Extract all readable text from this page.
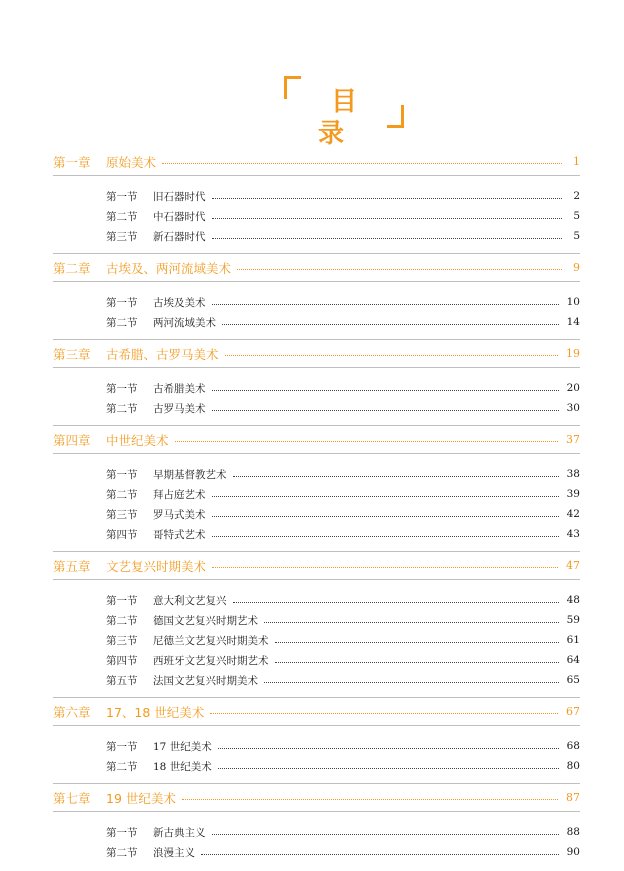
目录
第一章	原始美术	1
第一节	旧石器时代	2
第二节	中石器时代	5
第三节	新石器时代	5
第二章	古埃及、两河流域美术	9
第一节	古埃及美术	10
第二节	两河流域美术	14
第三章	古希腊、古罗马美术	19
第一节	古希腊美术	20
第二节	古罗马美术	30
第四章	中世纪美术	37
第一节	早期基督教艺术	38
第二节	拜占庭艺术	39
第三节	罗马式美术	42
第四节	哥特式艺术	43
第五章	文艺复兴时期美术	47
第一节	意大利文艺复兴	48
第二节	德国文艺复兴时期艺术	59
第三节	尼德兰文艺复兴时期美术	61
第四节	西班牙文艺复兴时期艺术	64
第五节	法国文艺复兴时期美术	65
第六章	17、18 世纪美术	67
第一节	17 世纪美术	68
第二节	18 世纪美术	80
第七章	19 世纪美术	87
第一节	新古典主义	88
第二节	浪漫主义	90
